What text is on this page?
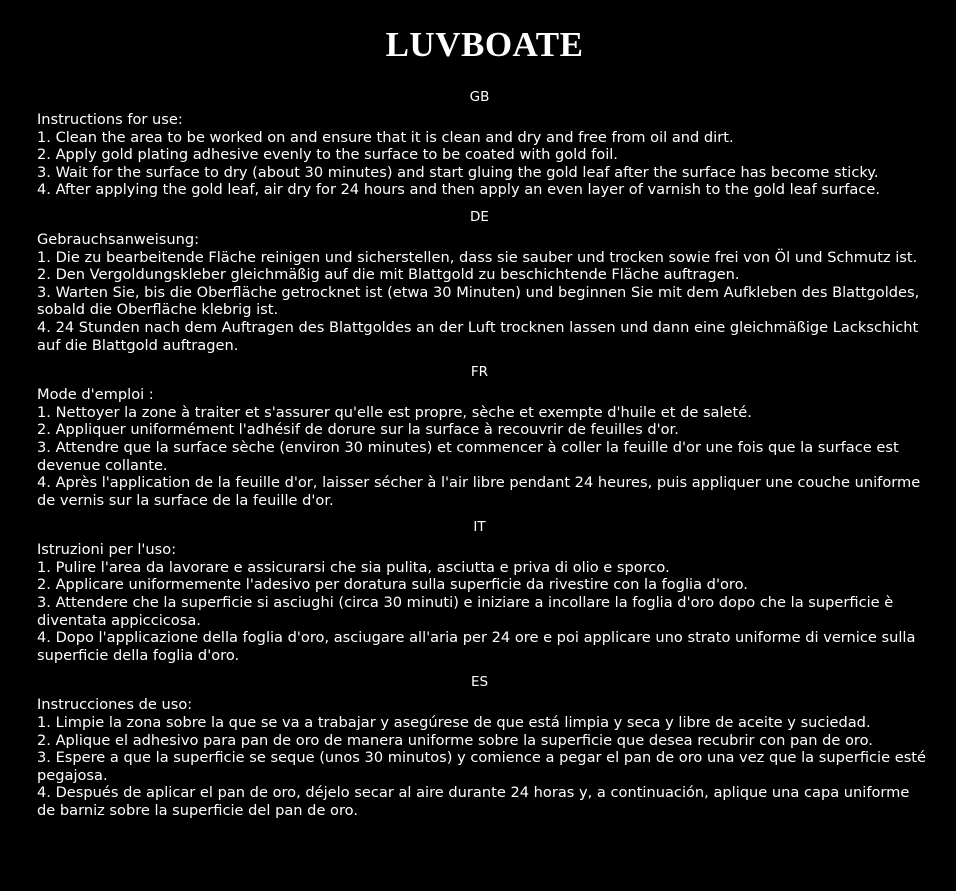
LUVBOATE
GB

Instructions for use:

1. Clean the area to be worked on and ensure that it is clean and dry and free from oil and dirt.

2. Apply gold plating adhesive evenly to the surface to be coated with gold foil.

3. Wait for the surface to dry (about 30 minutes) and start gluing the gold leaf after the surface has become sticky.

4. After applying the gold leaf, air dry for 24 hours and then apply an even layer of varnish to the gold leaf surface.

DE

Gebrauchsanweisung:

1. Die zu bearbeitende Fläche reinigen und sicherstellen, dass sie sauber und trocken sowie frei von Öl und Schmutz ist.

2. Den Vergoldungskleber gleichmäßig auf die mit Blattgold zu beschichtende Fläche auftragen.

3. Warten Sie, bis die Oberfläche getrocknet ist (etwa 30 Minuten) und beginnen Sie mit dem Aufkleben des Blattgoldes, sobald die Oberfläche klebrig ist.

4. 24 Stunden nach dem Auftragen des Blattgoldes an der Luft trocknen lassen und dann eine gleichmäßige Lackschicht auf die Blattgold auftragen.

FR

Mode d'emploi :

1. Nettoyer la zone à traiter et s'assurer qu'elle est propre, sèche et exempte d'huile et de saleté.

2. Appliquer uniformément l'adhésif de dorure sur la surface à recouvrir de feuilles d'or.

3. Attendre que la surface sèche (environ 30 minutes) et commencer à coller la feuille d'or une fois que la surface est devenue collante.

4. Après l'application de la feuille d'or, laisser sécher à l'air libre pendant 24 heures, puis appliquer une couche uniforme de vernis sur la surface de la feuille d'or.

IT

Istruzioni per l'uso:

1. Pulire l'area da lavorare e assicurarsi che sia pulita, asciutta e priva di olio e sporco.

2. Applicare uniformemente l'adesivo per doratura sulla superficie da rivestire con la foglia d'oro.

3. Attendere che la superficie si asciughi (circa 30 minuti) e iniziare a incollare la foglia d'oro dopo che la superficie è diventata appiccicosa.

4. Dopo l'applicazione della foglia d'oro, asciugare all'aria per 24 ore e poi applicare uno strato uniforme di vernice sulla superficie della foglia d'oro.

ES

Instrucciones de uso:

1. Limpie la zona sobre la que se va a trabajar y asegúrese de que está limpia y seca y libre de aceite y suciedad.

2. Aplique el adhesivo para pan de oro de manera uniforme sobre la superficie que desea recubrir con pan de oro.

3. Espere a que la superficie se seque (unos 30 minutos) y comience a pegar el pan de oro una vez que la superficie esté pegajosa.

4. Después de aplicar el pan de oro, déjelo secar al aire durante 24 horas y, a continuación, aplique una capa uniforme de barniz sobre la superficie del pan de oro.
